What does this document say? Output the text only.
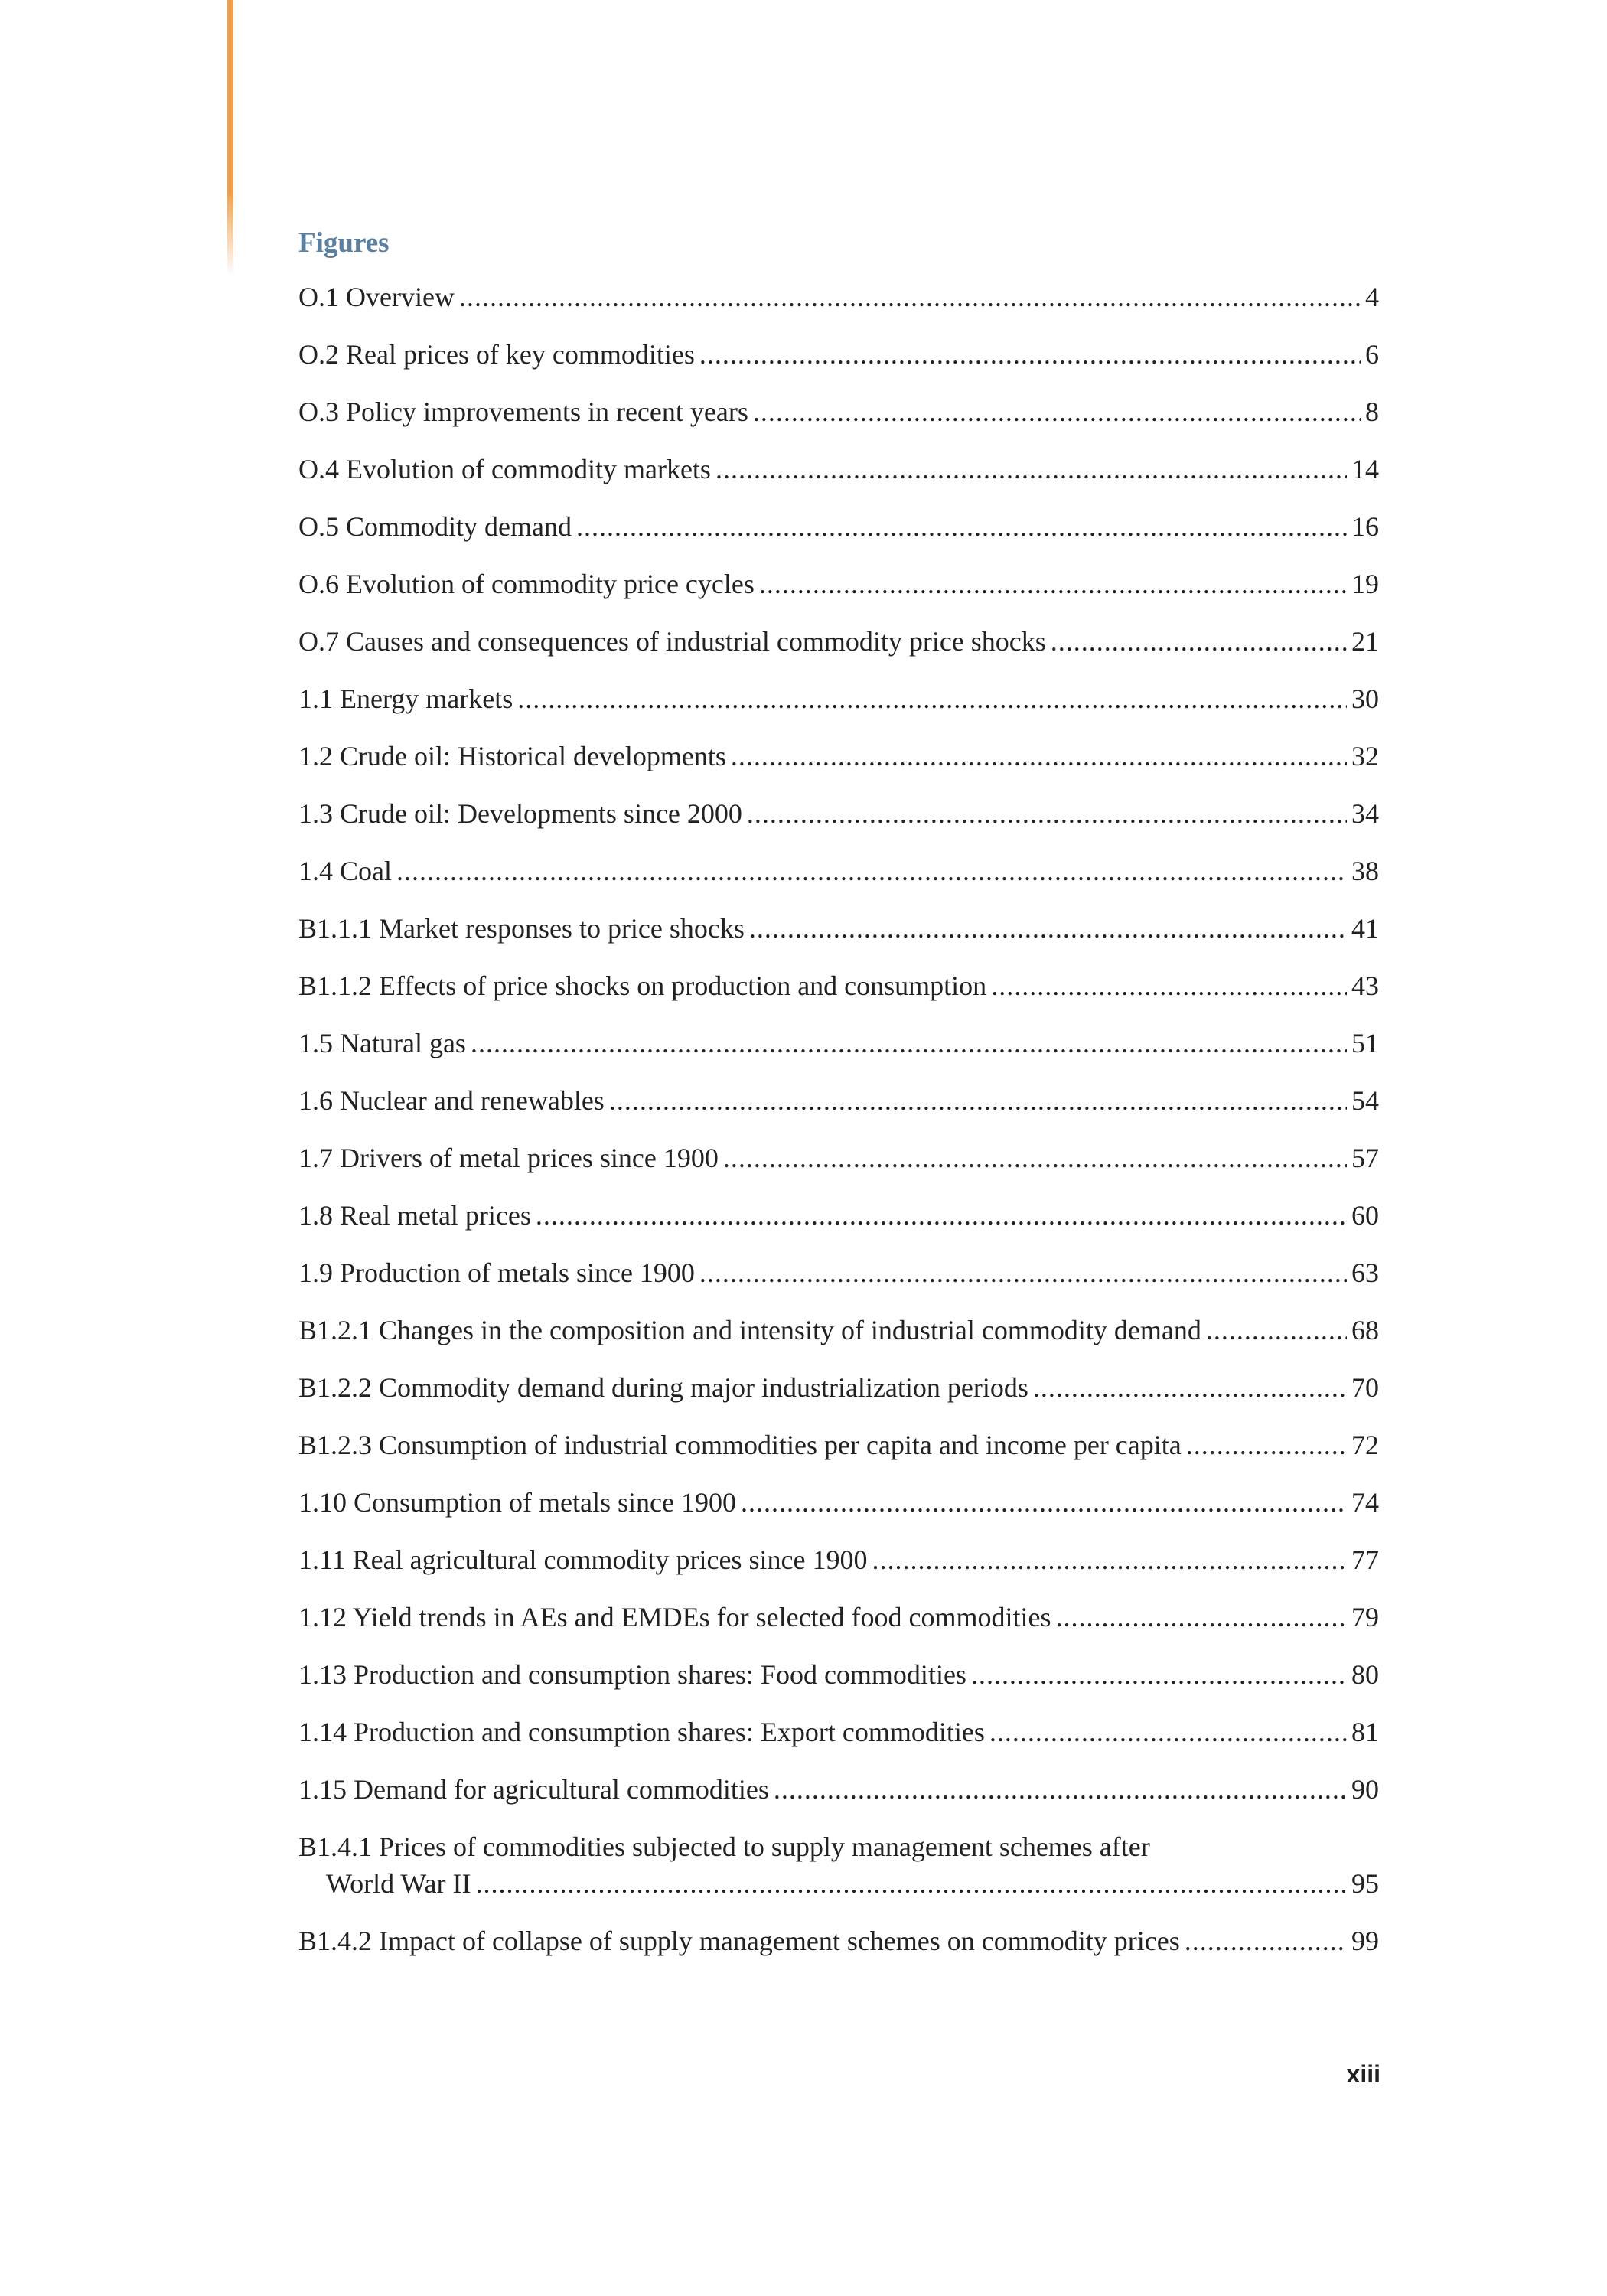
Figures
O.1 Overview .....	4
O.2 Real prices of key commodities .....	6
O.3 Policy improvements in recent years .....	8
O.4 Evolution of commodity markets .....	14
O.5 Commodity demand .....	16
O.6 Evolution of commodity price cycles .....	19
O.7 Causes and consequences of industrial commodity price shocks .....	21
1.1 Energy markets .....	30
1.2 Crude oil: Historical developments .....	32
1.3 Crude oil: Developments since 2000 .....	34
1.4 Coal .....	38
B1.1.1 Market responses to price shocks .....	41
B1.1.2 Effects of price shocks on production and consumption .....	43
1.5 Natural gas .....	51
1.6 Nuclear and renewables .....	54
1.7 Drivers of metal prices since 1900 .....	57
1.8 Real metal prices .....	60
1.9 Production of metals since 1900 .....	63
B1.2.1 Changes in the composition and intensity of industrial commodity demand .....	68
B1.2.2 Commodity demand during major industrialization periods .....	70
B1.2.3 Consumption of industrial commodities per capita and income per capita .....	72
1.10 Consumption of metals since 1900 .....	74
1.11 Real agricultural commodity prices since 1900 .....	77
1.12 Yield trends in AEs and EMDEs for selected food commodities .....	79
1.13 Production and consumption shares: Food commodities .....	80
1.14 Production and consumption shares: Export commodities .....	81
1.15 Demand for agricultural commodities .....	90
B1.4.1 Prices of commodities subjected to supply management schemes after
World War II .....	95
B1.4.2 Impact of collapse of supply management schemes on commodity prices .....	99
xiii
